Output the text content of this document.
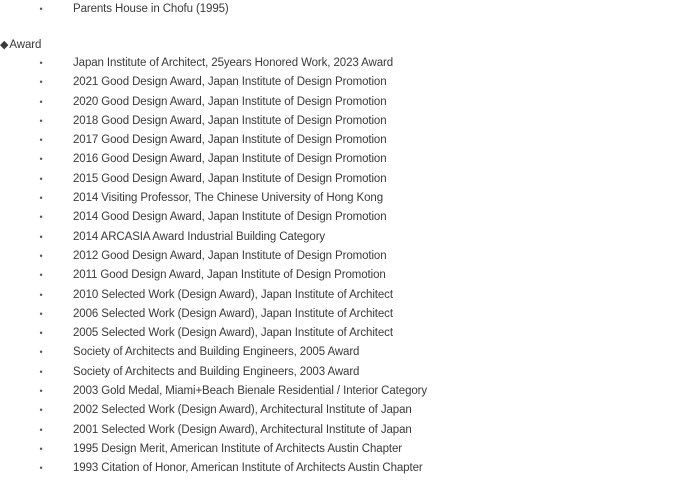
•	Parents House in Chofu (1995)
◆Award
•	Japan Institute of Architect, 25years Honored Work, 2023 Award
•	2021 Good Design Award, Japan Institute of Design Promotion
•	2020 Good Design Award, Japan Institute of Design Promotion
•	2018 Good Design Award, Japan Institute of Design Promotion
•	2017 Good Design Award, Japan Institute of Design Promotion
•	2016 Good Design Award, Japan Institute of Design Promotion
•	2015 Good Design Award, Japan Institute of Design Promotion
•	2014 Visiting Professor, The Chinese University of Hong Kong
•	2014 Good Design Award, Japan Institute of Design Promotion
•	2014 ARCASIA Award Industrial Building Category
•	2012 Good Design Award, Japan Institute of Design Promotion
•	2011 Good Design Award, Japan Institute of Design Promotion
•	2010 Selected Work (Design Award), Japan Institute of Architect
•	2006 Selected Work (Design Award), Japan Institute of Architect
•	2005 Selected Work (Design Award), Japan Institute of Architect
•	Society of Architects and Building Engineers, 2005 Award
•	Society of Architects and Building Engineers, 2003 Award
•	2003 Gold Medal, Miami+Beach Bienale Residential / Interior Category
•	2002 Selected Work (Design Award), Architectural Institute of Japan
•	2001 Selected Work (Design Award), Architectural Institute of Japan
•	1995 Design Merit, American Institute of Architects Austin Chapter
•	1993 Citation of Honor, American Institute of Architects Austin Chapter
